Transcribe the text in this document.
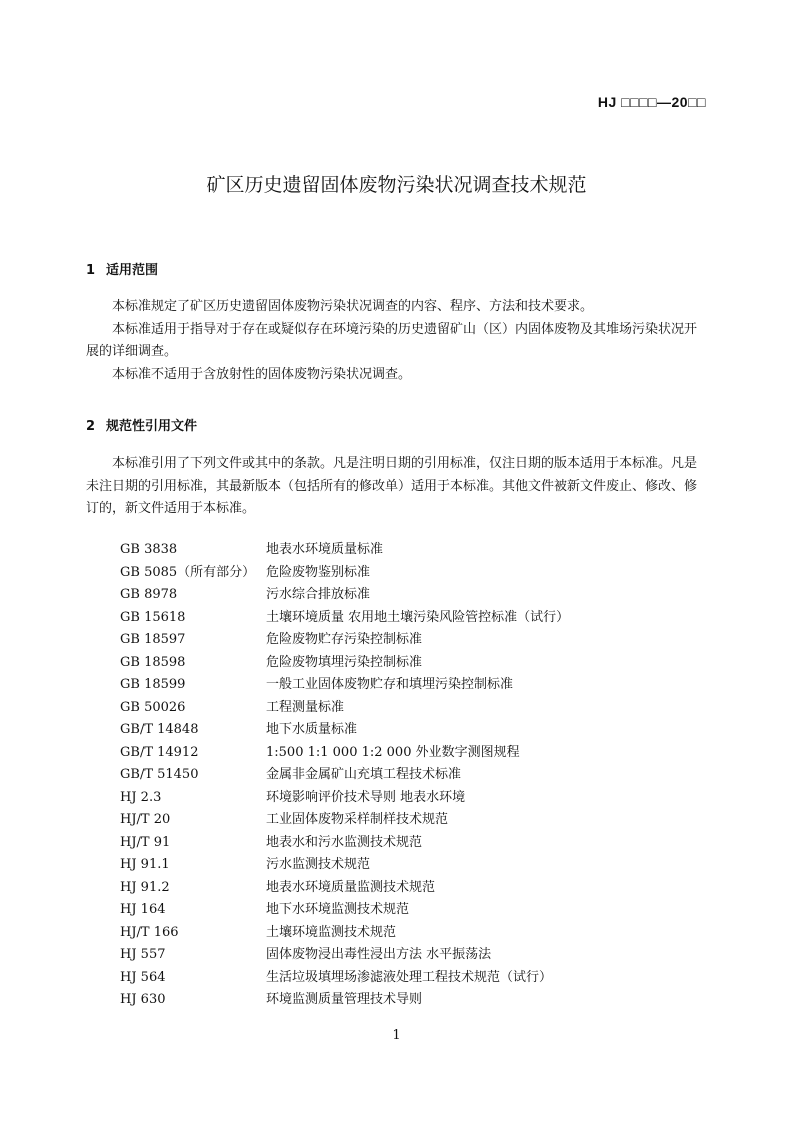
HJ □□□□—20□□
矿区历史遗留固体废物污染状况调查技术规范
1 适用范围

本标准规定了矿区历史遗留固体废物污染状况调查的内容、程序、方法和技术要求。

本标准适用于指导对于存在或疑似存在环境污染的历史遗留矿山（区）内固体废物及其堆场污染状况开展的详细调查。

本标准不适用于含放射性的固体废物污染状况调查。

2 规范性引用文件

本标准引用了下列文件或其中的条款。凡是注明日期的引用标准，仅注日期的版本适用于本标准。凡是未注日期的引用标准，其最新版本（包括所有的修改单）适用于本标准。其他文件被新文件废止、修改、修订的，新文件适用于本标准。

GB 3838	地表水环境质量标准
GB 5085（所有部分） 危险废物鉴别标准
GB 8978	污水综合排放标准
GB 15618	土壤环境质量 农用地土壤污染风险管控标准（试行）
GB 18597	危险废物贮存污染控制标准
GB 18598	危险废物填埋污染控制标准
GB 18599	一般工业固体废物贮存和填埋污染控制标准
GB 50026	工程测量标准
GB/T 14848	地下水质量标准
GB/T 14912	1:500 1:1 000 1:2 000 外业数字测图规程
GB/T 51450	金属非金属矿山充填工程技术标准
HJ 2.3	环境影响评价技术导则 地表水环境
HJ/T 20	工业固体废物采样制样技术规范
HJ/T 91	地表水和污水监测技术规范
HJ 91.1	污水监测技术规范
HJ 91.2	地表水环境质量监测技术规范
HJ 164	地下水环境监测技术规范
HJ/T 166	土壤环境监测技术规范
HJ 557	固体废物浸出毒性浸出方法 水平振荡法
HJ 564	生活垃圾填埋场渗滤液处理工程技术规范（试行）
HJ 630	环境监测质量管理技术导则
1
